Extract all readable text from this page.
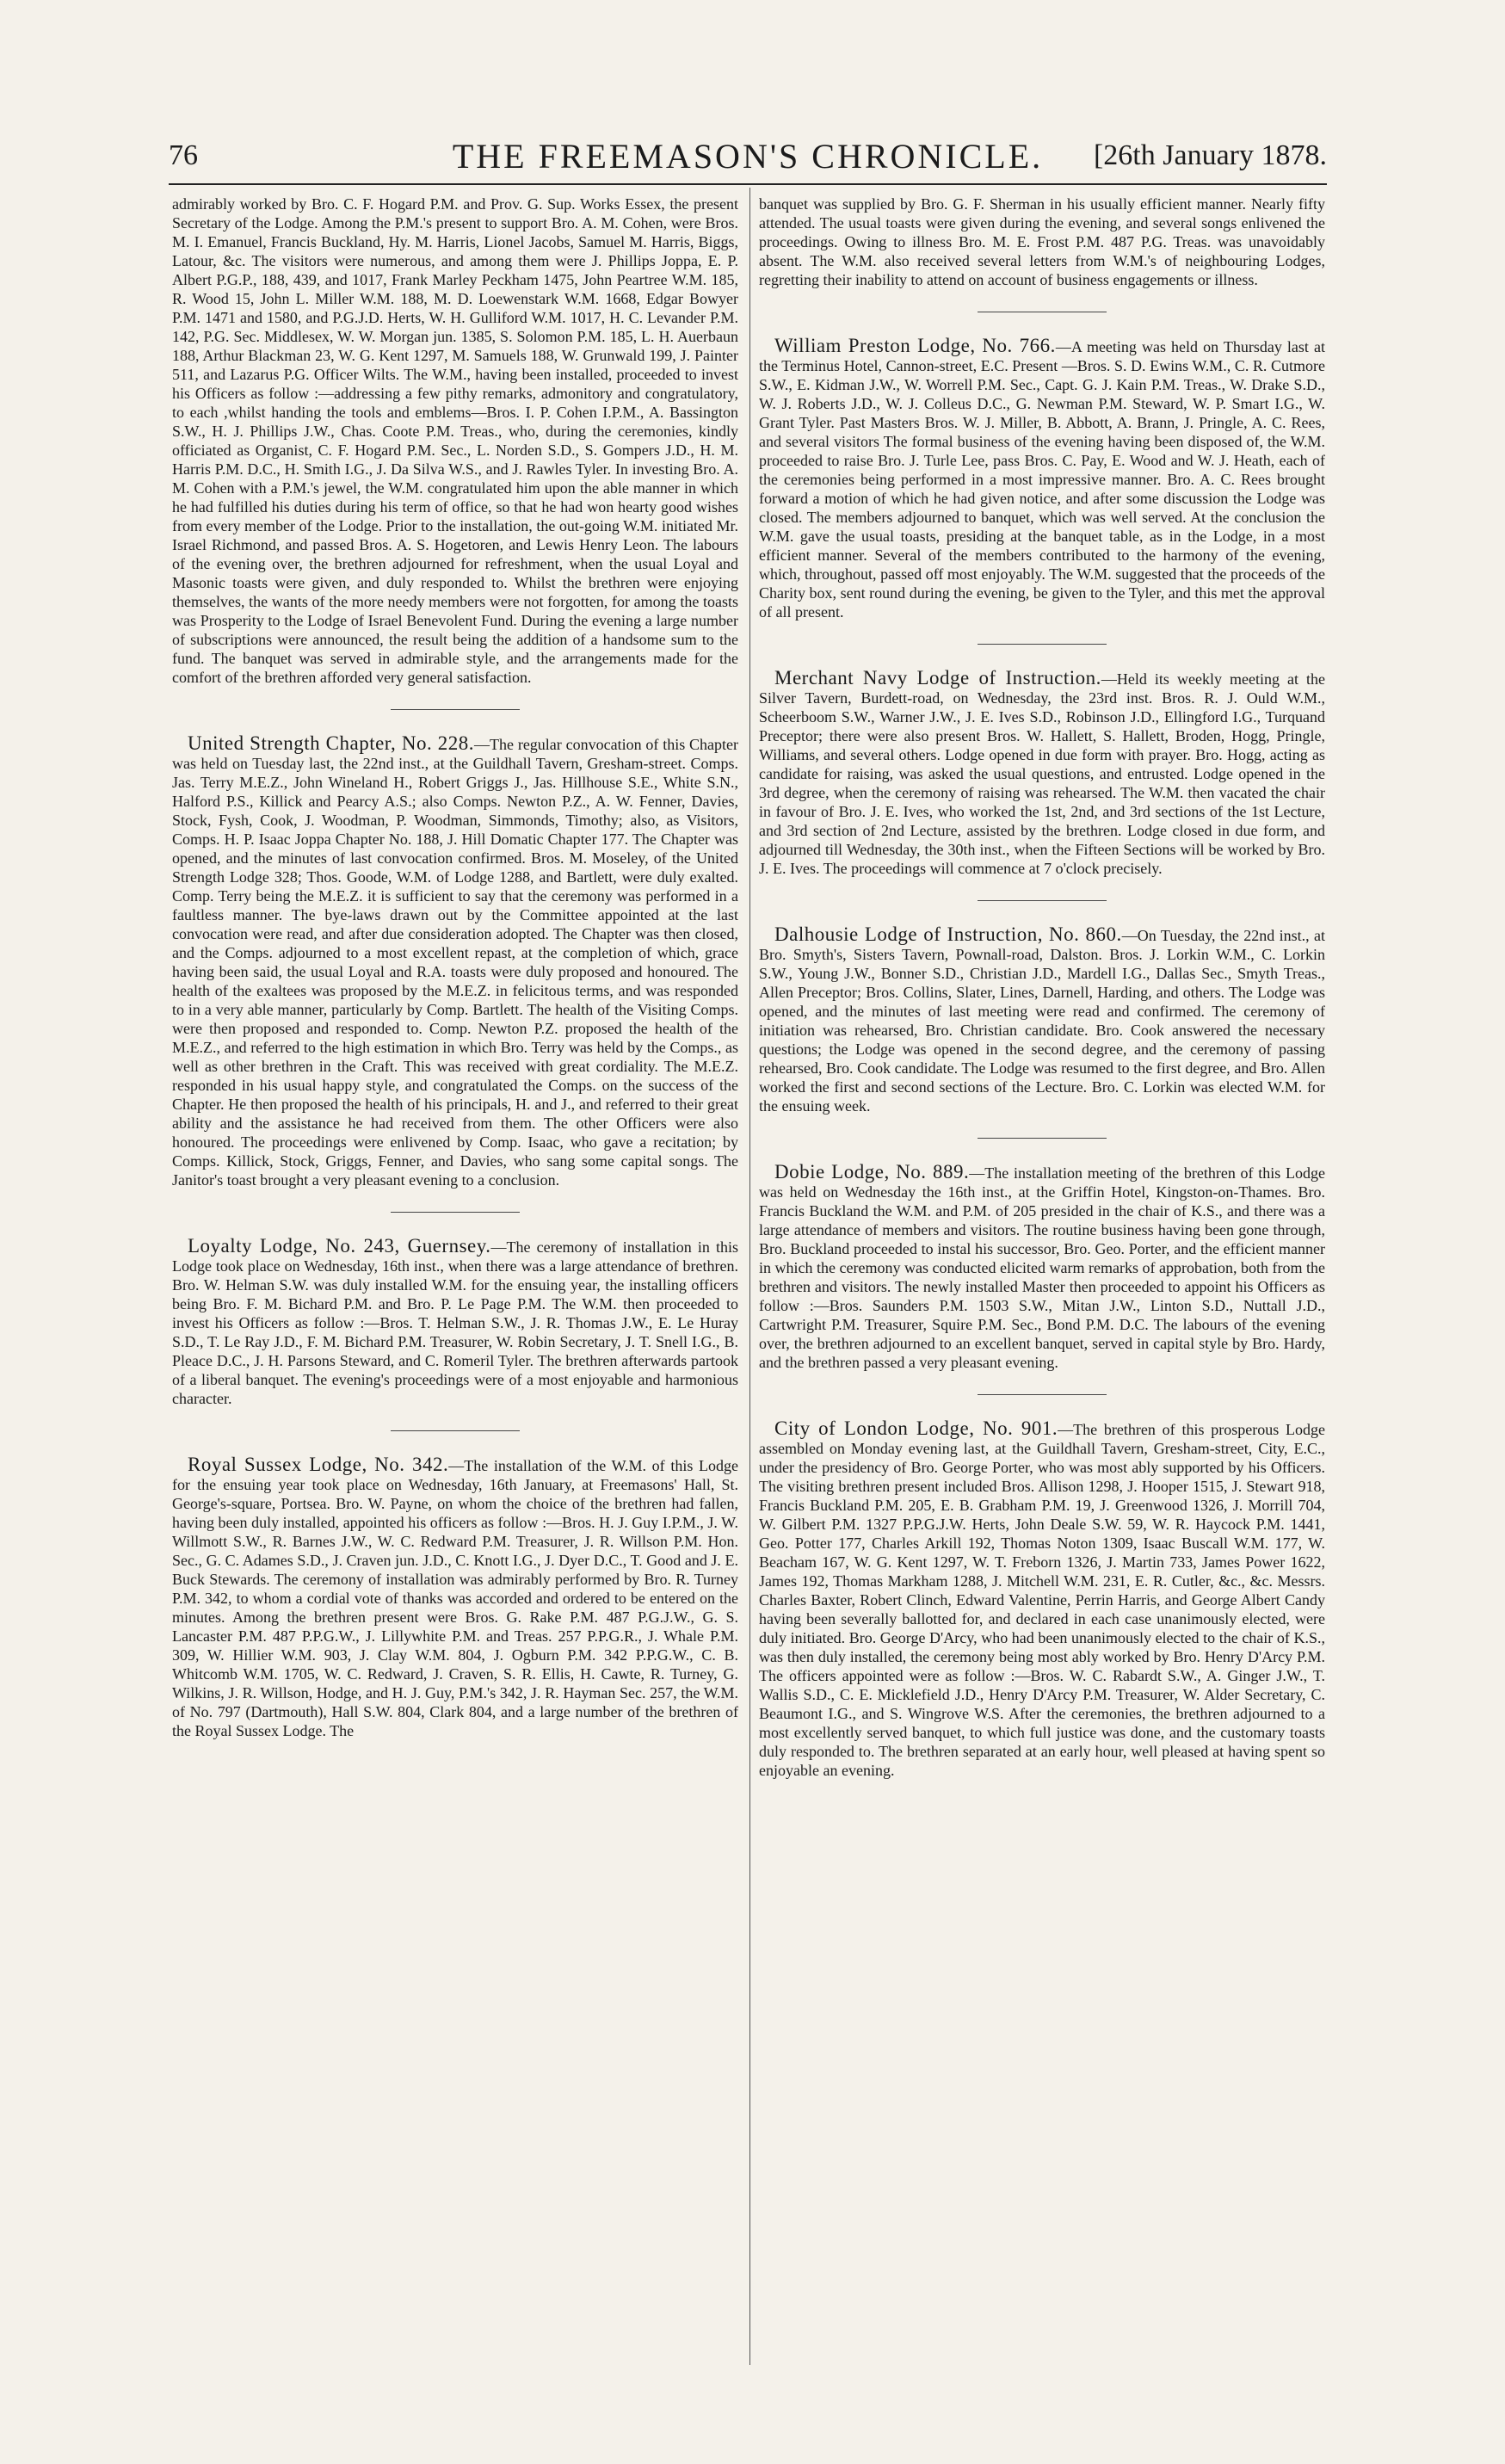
76	THE FREEMASON'S CHRONICLE.	[26th January 1878.

admirably worked by Bro. C. F. Hogard P.M. and Prov. G. Sup. Works Essex, the present Secretary of the Lodge. Among the P.M.'s present to support Bro. A. M. Cohen, were Bros. M. I. Emanuel, Francis Buckland, Hy. M. Harris, Lionel Jacobs, Samuel M. Harris, Biggs, Latour, &c. The visitors were numerous, and among them were J. Phillips Joppa, E. P. Albert P.G.P., 188, 439, and 1017, Frank Marley Peckham 1475, John Peartree W.M. 185, R. Wood 15, John L. Miller W.M. 188, M. D. Loewenstark W.M. 1668, Edgar Bowyer P.M. 1471 and 1580, and P.G.J.D. Herts, W. H. Gulliford W.M. 1017, H. C. Levander P.M. 142, P.G. Sec. Middlesex, W. W. Morgan jun. 1385, S. Solomon P.M. 185, L. H. Auerbaun 188, Arthur Blackman 23, W. G. Kent 1297, M. Samuels 188, W. Grunwald 199, J. Painter 511, and Lazarus P.G. Officer Wilts. The W.M., having been installed, proceeded to invest his Officers as follow :—addressing a few pithy remarks, admonitory and congratulatory, to each ,whilst handing the tools and emblems—Bros. I. P. Cohen I.P.M., A. Bassington S.W., H. J. Phillips J.W., Chas. Coote P.M. Treas., who, during the ceremonies, kindly officiated as Organist, C. F. Hogard P.M. Sec., L. Norden S.D., S. Gompers J.D., H. M. Harris P.M. D.C., H. Smith I.G., J. Da Silva W.S., and J. Rawles Tyler. In investing Bro. A. M. Cohen with a P.M.'s jewel, the W.M. congratulated him upon the able manner in which he had fulfilled his duties during his term of office, so that he had won hearty good wishes from every member of the Lodge. Prior to the installation, the out-going W.M. initiated Mr. Israel Richmond, and passed Bros. A. S. Hogetoren, and Lewis Henry Leon. The labours of the evening over, the brethren adjourned for refreshment, when the usual Loyal and Masonic toasts were given, and duly responded to. Whilst the brethren were enjoying themselves, the wants of the more needy members were not forgotten, for among the toasts was Prosperity to the Lodge of Israel Benevolent Fund. During the evening a large number of subscriptions were announced, the result being the addition of a handsome sum to the fund. The banquet was served in admirable style, and the arrangements made for the comfort of the brethren afforded very general satisfaction.

United Strength Chapter, No. 228.—The regular convocation of this Chapter was held on Tuesday last, the 22nd inst., at the Guildhall Tavern, Gresham-street. Comps. Jas. Terry M.E.Z., John Wineland H., Robert Griggs J., Jas. Hillhouse S.E., White S.N., Halford P.S., Killick and Pearcy A.S.; also Comps. Newton P.Z., A. W. Fenner, Davies, Stock, Fysh, Cook, J. Woodman, P. Woodman, Simmonds, Timothy; also, as Visitors, Comps. H. P. Isaac Joppa Chapter No. 188, J. Hill Domatic Chapter 177. The Chapter was opened, and the minutes of last convocation confirmed. Bros. M. Moseley, of the United Strength Lodge 328; Thos. Goode, W.M. of Lodge 1288, and Bartlett, were duly exalted. Comp. Terry being the M.E.Z. it is sufficient to say that the ceremony was performed in a faultless manner. The bye-laws drawn out by the Committee appointed at the last convocation were read, and after due consideration adopted. The Chapter was then closed, and the Comps. adjourned to a most excellent repast, at the completion of which, grace having been said, the usual Loyal and R.A. toasts were duly proposed and honoured. The health of the exaltees was proposed by the M.E.Z. in felicitous terms, and was responded to in a very able manner, particularly by Comp. Bartlett. The health of the Visiting Comps. were then proposed and responded to. Comp. Newton P.Z. proposed the health of the M.E.Z., and referred to the high estimation in which Bro. Terry was held by the Comps., as well as other brethren in the Craft. This was received with great cordiality. The M.E.Z. responded in his usual happy style, and congratulated the Comps. on the success of the Chapter. He then proposed the health of his principals, H. and J., and referred to their great ability and the assistance he had received from them. The other Officers were also honoured. The proceedings were enlivened by Comp. Isaac, who gave a recitation; by Comps. Killick, Stock, Griggs, Fenner, and Davies, who sang some capital songs. The Janitor's toast brought a very pleasant evening to a conclusion.

Loyalty Lodge, No. 243, Guernsey.—The ceremony of installation in this Lodge took place on Wednesday, 16th inst., when there was a large attendance of brethren. Bro. W. Helman S.W. was duly installed W.M. for the ensuing year, the installing officers being Bro. F. M. Bichard P.M. and Bro. P. Le Page P.M. The W.M. then proceeded to invest his Officers as follow :—Bros. T. Helman S.W., J. R. Thomas J.W., E. Le Huray S.D., T. Le Ray J.D., F. M. Bichard P.M. Treasurer, W. Robin Secretary, J. T. Snell I.G., B. Pleace D.C., J. H. Parsons Steward, and C. Romeril Tyler. The brethren afterwards partook of a liberal banquet. The evening's proceedings were of a most enjoyable and harmonious character.

Royal Sussex Lodge, No. 342.—The installation of the W.M. of this Lodge for the ensuing year took place on Wednesday, 16th January, at Freemasons' Hall, St. George's-square, Portsea. Bro. W. Payne, on whom the choice of the brethren had fallen, having been duly installed, appointed his officers as follow :—Bros. H. J. Guy I.P.M., J. W. Willmott S.W., R. Barnes J.W., W. C. Redward P.M. Treasurer, J. R. Willson P.M. Hon. Sec., G. C. Adames S.D., J. Craven jun. J.D., C. Knott I.G., J. Dyer D.C., T. Good and J. E. Buck Stewards. The ceremony of installation was admirably performed by Bro. R. Turney P.M. 342, to whom a cordial vote of thanks was accorded and ordered to be entered on the minutes. Among the brethren present were Bros. G. Rake P.M. 487 P.G.J.W., G. S. Lancaster P.M. 487 P.P.G.W., J. Lillywhite P.M. and Treas. 257 P.P.G.R., J. Whale P.M. 309, W. Hillier W.M. 903, J. Clay W.M. 804, J. Ogburn P.M. 342 P.P.G.W., C. B. Whitcomb W.M. 1705, W. C. Redward, J. Craven, S. R. Ellis, H. Cawte, R. Turney, G. Wilkins, J. R. Willson, Hodge, and H. J. Guy, P.M.'s 342, J. R. Hayman Sec. 257, the W.M. of No. 797 (Dartmouth), Hall S.W. 804, Clark 804, and a large number of the brethren of the Royal Sussex Lodge. The

banquet was supplied by Bro. G. F. Sherman in his usually efficient manner. Nearly fifty attended. The usual toasts were given during the evening, and several songs enlivened the proceedings. Owing to illness Bro. M. E. Frost P.M. 487 P.G. Treas. was unavoidably absent. The W.M. also received several letters from W.M.'s of neighbouring Lodges, regretting their inability to attend on account of business engagements or illness.

William Preston Lodge, No. 766.—A meeting was held on Thursday last at the Terminus Hotel, Cannon-street, E.C. Present —Bros. S. D. Ewins W.M., C. R. Cutmore S.W., E. Kidman J.W., W. Worrell P.M. Sec., Capt. G. J. Kain P.M. Treas., W. Drake S.D., W. J. Roberts J.D., W. J. Colleus D.C., G. Newman P.M. Steward, W. P. Smart I.G., W. Grant Tyler. Past Masters Bros. W. J. Miller, B. Abbott, A. Brann, J. Pringle, A. C. Rees, and several visitors The formal business of the evening having been disposed of, the W.M. proceeded to raise Bro. J. Turle Lee, pass Bros. C. Pay, E. Wood and W. J. Heath, each of the ceremonies being performed in a most impressive manner. Bro. A. C. Rees brought forward a motion of which he had given notice, and after some discussion the Lodge was closed. The members adjourned to banquet, which was well served. At the conclusion the W.M. gave the usual toasts, presiding at the banquet table, as in the Lodge, in a most efficient manner. Several of the members contributed to the harmony of the evening, which, throughout, passed off most enjoyably. The W.M. suggested that the proceeds of the Charity box, sent round during the evening, be given to the Tyler, and this met the approval of all present.

Merchant Navy Lodge of Instruction.—Held its weekly meeting at the Silver Tavern, Burdett-road, on Wednesday, the 23rd inst. Bros. R. J. Ould W.M., Scheerboom S.W., Warner J.W., J. E. Ives S.D., Robinson J.D., Ellingford I.G., Turquand Preceptor; there were also present Bros. W. Hallett, S. Hallett, Broden, Hogg, Pringle, Williams, and several others. Lodge opened in due form with prayer. Bro. Hogg, acting as candidate for raising, was asked the usual questions, and entrusted. Lodge opened in the 3rd degree, when the ceremony of raising was rehearsed. The W.M. then vacated the chair in favour of Bro. J. E. Ives, who worked the 1st, 2nd, and 3rd sections of the 1st Lecture, and 3rd section of 2nd Lecture, assisted by the brethren. Lodge closed in due form, and adjourned till Wednesday, the 30th inst., when the Fifteen Sections will be worked by Bro. J. E. Ives. The proceedings will commence at 7 o'clock precisely.

Dalhousie Lodge of Instruction, No. 860.—On Tuesday, the 22nd inst., at Bro. Smyth's, Sisters Tavern, Pownall-road, Dalston. Bros. J. Lorkin W.M., C. Lorkin S.W., Young J.W., Bonner S.D., Christian J.D., Mardell I.G., Dallas Sec., Smyth Treas., Allen Preceptor; Bros. Collins, Slater, Lines, Darnell, Harding, and others. The Lodge was opened, and the minutes of last meeting were read and confirmed. The ceremony of initiation was rehearsed, Bro. Christian candidate. Bro. Cook answered the necessary questions; the Lodge was opened in the second degree, and the ceremony of passing rehearsed, Bro. Cook candidate. The Lodge was resumed to the first degree, and Bro. Allen worked the first and second sections of the Lecture. Bro. C. Lorkin was elected W.M. for the ensuing week.

Dobie Lodge, No. 889.—The installation meeting of the brethren of this Lodge was held on Wednesday the 16th inst., at the Griffin Hotel, Kingston-on-Thames. Bro. Francis Buckland the W.M. and P.M. of 205 presided in the chair of K.S., and there was a large attendance of members and visitors. The routine business having been gone through, Bro. Buckland proceeded to instal his successor, Bro. Geo. Porter, and the efficient manner in which the ceremony was conducted elicited warm remarks of approbation, both from the brethren and visitors. The newly installed Master then proceeded to appoint his Officers as follow :—Bros. Saunders P.M. 1503 S.W., Mitan J.W., Linton S.D., Nuttall J.D., Cartwright P.M. Treasurer, Squire P.M. Sec., Bond P.M. D.C. The labours of the evening over, the brethren adjourned to an excellent banquet, served in capital style by Bro. Hardy, and the brethren passed a very pleasant evening.

City of London Lodge, No. 901.—The brethren of this prosperous Lodge assembled on Monday evening last, at the Guildhall Tavern, Gresham-street, City, E.C., under the presidency of Bro. George Porter, who was most ably supported by his Officers. The visiting brethren present included Bros. Allison 1298, J. Hooper 1515, J. Stewart 918, Francis Buckland P.M. 205, E. B. Grabham P.M. 19, J. Greenwood 1326, J. Morrill 704, W. Gilbert P.M. 1327 P.P.G.J.W. Herts, John Deale S.W. 59, W. R. Haycock P.M. 1441, Geo. Potter 177, Charles Arkill 192, Thomas Noton 1309, Isaac Buscall W.M. 177, W. Beacham 167, W. G. Kent 1297, W. T. Freborn 1326, J. Martin 733, James Power 1622, James 192, Thomas Markham 1288, J. Mitchell W.M. 231, E. R. Cutler, &c., &c. Messrs. Charles Baxter, Robert Clinch, Edward Valentine, Perrin Harris, and George Albert Candy having been severally ballotted for, and declared in each case unanimously elected, were duly initiated. Bro. George D'Arcy, who had been unanimously elected to the chair of K.S., was then duly installed, the ceremony being most ably worked by Bro. Henry D'Arcy P.M. The officers appointed were as follow :—Bros. W. C. Rabardt S.W., A. Ginger J.W., T. Wallis S.D., C. E. Micklefield J.D., Henry D'Arcy P.M. Treasurer, W. Alder Secretary, C. Beaumont I.G., and S. Wingrove W.S. After the ceremonies, the brethren adjourned to a most excellently served banquet, to which full justice was done, and the customary toasts duly responded to. The brethren separated at an early hour, well pleased at having spent so enjoyable an evening.
